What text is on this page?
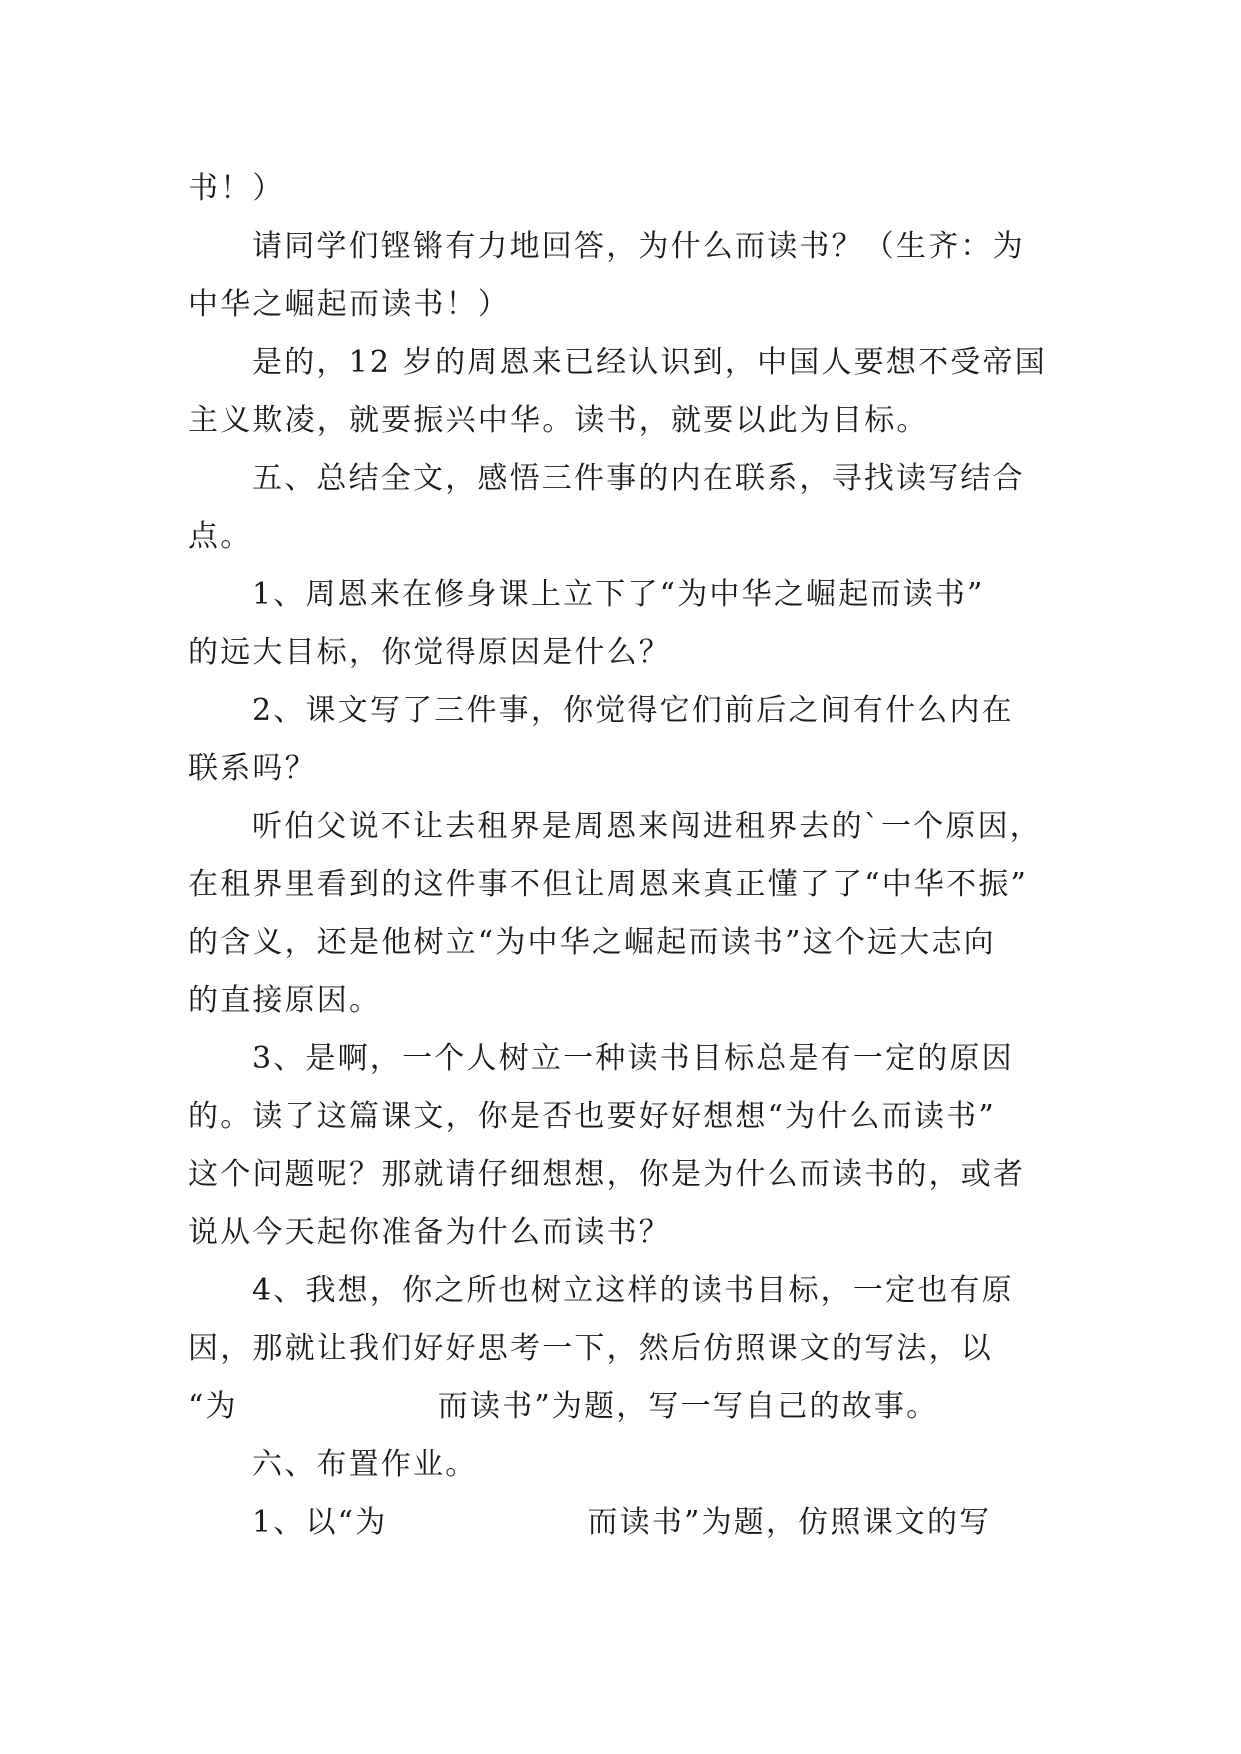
书！）

请同学们铿锵有力地回答，为什么而读书？（生齐：为

中华之崛起而读书！）

是的，12 岁的周恩来已经认识到，中国人要想不受帝国

主义欺凌，就要振兴中华。读书，就要以此为目标。

五、总结全文，感悟三件事的内在联系，寻找读写结合

点。

1、周恩来在修身课上立下了“为中华之崛起而读书”

的远大目标，你觉得原因是什么？

2、课文写了三件事，你觉得它们前后之间有什么内在

联系吗？

听伯父说不让去租界是周恩来闯进租界去的`一个原因，

在租界里看到的这件事不但让周恩来真正懂了了“中华不振”

的含义，还是他树立“为中华之崛起而读书”这个远大志向

的直接原因。

3、是啊，一个人树立一种读书目标总是有一定的原因

的。读了这篇课文，你是否也要好好想想“为什么而读书”

这个问题呢？那就请仔细想想，你是为什么而读书的，或者

说从今天起你准备为什么而读书？

4、我想，你之所也树立这样的读书目标，一定也有原

因，那就让我们好好思考一下，然后仿照课文的写法，以

“为	而读书”为题，写一写自己的故事。

六、布置作业。

1、以“为	而读书”为题，仿照课文的写
